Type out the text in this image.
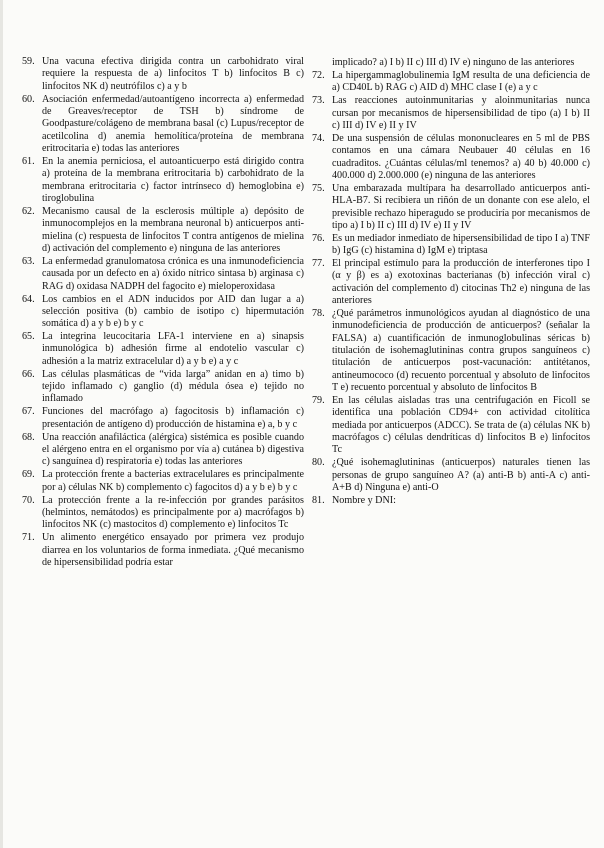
59. Una vacuna efectiva dirigida contra un carbohidrato viral requiere la respuesta de a) linfocitos T b) linfocitos B c) linfocitos NK d) neutrófilos c) a y b
60. Asociación enfermedad/autoantígeno incorrecta a) enfermedad de Greaves/receptor de TSH b) síndrome de Goodpasture/colágeno de membrana basal (c) Lupus/receptor de acetilcolina d) anemia hemolítica/proteína de membrana eritrocitaria e) todas las anteriores
61. En la anemia perniciosa, el autoanticuerpo está dirigido contra a) proteína de la membrana eritrocitaria b) carbohidrato de la membrana eritrocitaria c) factor intrínseco d) hemoglobina e) tiroglobulina
62. Mecanismo causal de la esclerosis múltiple a) depósito de inmunocomplejos en la membrana neuronal b) anticuerpos anti-mielina (c) respuesta de linfocitos T contra antígenos de mielina d) activación del complemento e) ninguna de las anteriores
63. La enfermedad granulomatosa crónica es una inmunodeficiencia causada por un defecto en a) óxido nítrico sintasa b) arginasa c) RAG d) oxidasa NADPH del fagocito e) mieloperoxidasa
64. Los cambios en el ADN inducidos por AID dan lugar a a) selección positiva (b) cambio de isotipo c) hipermutación somática d) a y b e) b y c
65. La integrina leucocitaria LFA-1 interviene en a) sinapsis inmunológica b) adhesión firme al endotelio vascular c) adhesión a la matriz extracelular d) a y b e) a y c
66. Las células plasmáticas de “vida larga” anidan en a) timo b) tejido inflamado c) ganglio (d) médula ósea e) tejido no inflamado
67. Funciones del macrófago a) fagocitosis b) inflamación c) presentación de antígeno d) producción de histamina e) a, b y c
68. Una reacción anafiláctica (alérgica) sistémica es posible cuando el alérgeno entra en el organismo por vía a) cutánea b) digestiva c) sanguínea d) respiratoria e) todas las anteriores
69. La protección frente a bacterias extracelulares es principalmente por a) células NK b) complemento c) fagocitos d) a y b e) b y c
70. La protección frente a la re-infección por grandes parásitos (helmintos, nemátodos) es principalmente por a) macrófagos b) linfocitos NK (c) mastocitos d) complemento e) linfocitos Tc
71. Un alimento energético ensayado por primera vez produjo diarrea en los voluntarios de forma inmediata. ¿Qué mecanismo de hipersensibilidad podría estar
implicado? a) I b) II c) III d) IV e) ninguno de las anteriores
72. La hipergammaglobulinemia IgM resulta de una deficiencia de a) CD40L b) RAG c) AID d) MHC clase I (e) a y c
73. Las reacciones autoinmunitarias y aloinmunitarias nunca cursan por mecanismos de hipersensibilidad de tipo (a) I b) II c) III d) IV e) II y IV
74. De una suspensión de células mononucleares en 5 ml de PBS contamos en una cámara Neubauer 40 células en 16 cuadraditos. ¿Cuántas células/ml tenemos? a) 40 b) 40.000 c) 400.000 d) 2.000.000 (e) ninguna de las anteriores
75. Una embarazada multípara ha desarrollado anticuerpos anti-HLA-B7. Si recibiera un riñón de un donante con ese alelo, el previsible rechazo hiperagudo se produciría por mecanismos de tipo a) I b) II c) III d) IV e) II y IV
76. Es un mediador inmediato de hipersensibilidad de tipo I a) TNF b) IgG (c) histamina d) IgM e) triptasa
77. El principal estímulo para la producción de interferones tipo I (α y β) es a) exotoxinas bacterianas (b) infección viral c) activación del complemento d) citocinas Th2 e) ninguna de las anteriores
78. ¿Qué parámetros inmunológicos ayudan al diagnóstico de una inmunodeficiencia de producción de anticuerpos? (señalar la FALSA) a) cuantificación de inmunoglobulinas séricas b) titulación de isohemaglutininas contra grupos sanguíneos c) titulación de anticuerpos post-vacunación: antitétanos, antineumococo (d) recuento porcentual y absoluto de linfocitos T e) recuento porcentual y absoluto de linfocitos B
79. En las células aisladas tras una centrifugación en Ficoll se identifica una población CD94+ con actividad citolítica mediada por anticuerpos (ADCC). Se trata de (a) células NK b) macrófagos c) células dendríticas d) linfocitos B e) linfocitos Tc
80. ¿Qué isohemaglutininas (anticuerpos) naturales tienen las personas de grupo sanguíneo A? (a) anti-B b) anti-A c) anti-A+B d) Ninguna e) anti-O
81. Nombre y DNI:
